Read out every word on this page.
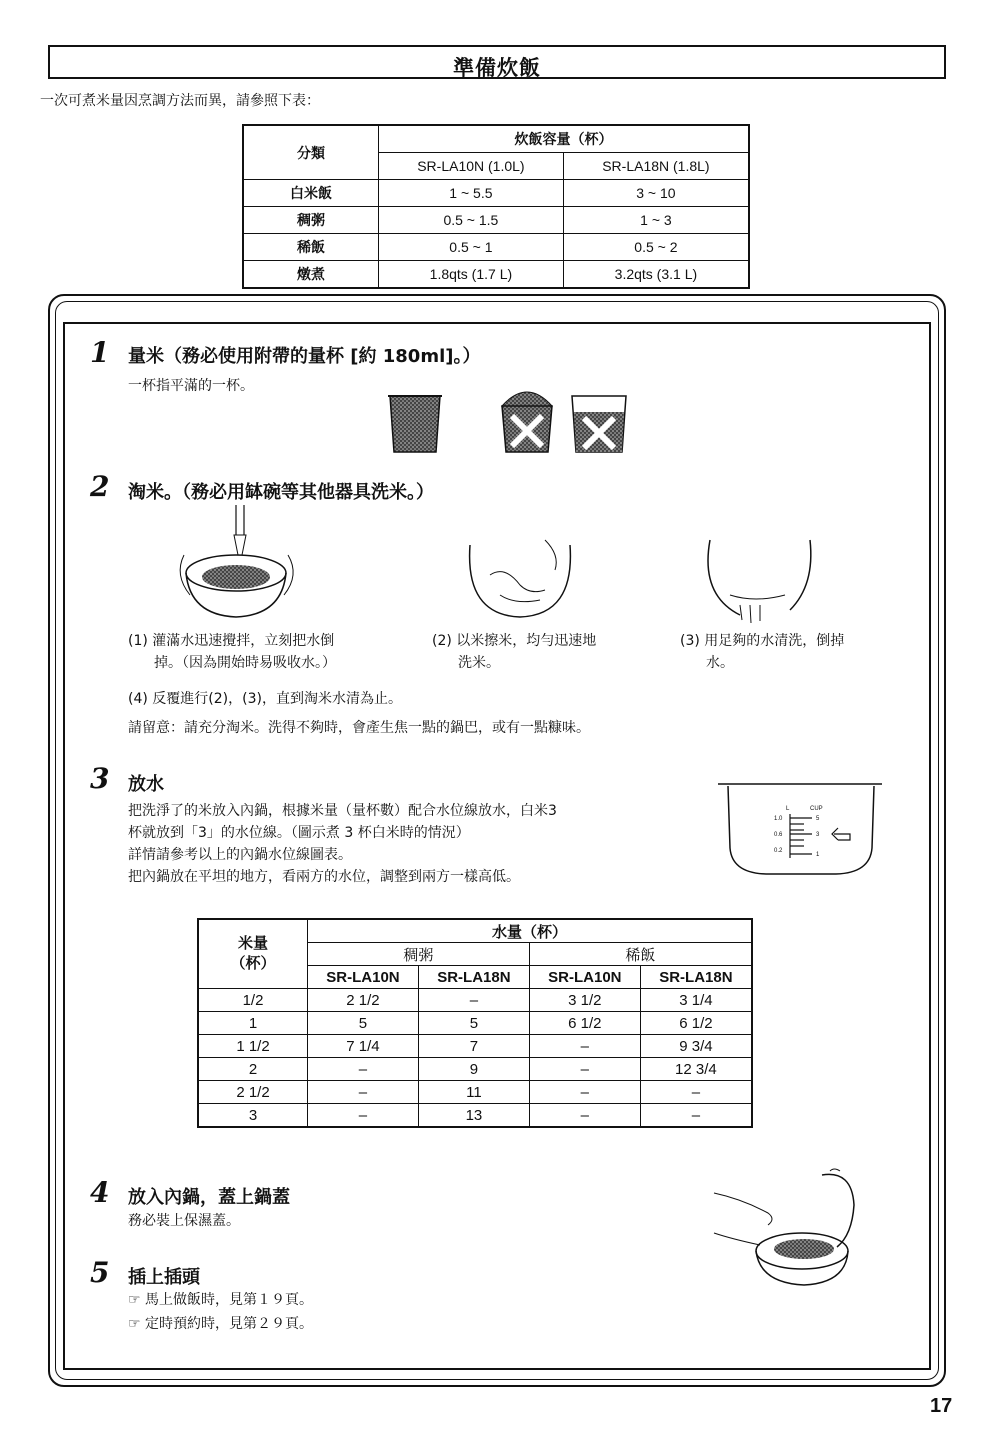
準備炊飯
一次可煮米量因烹調方法而異，請參照下表：
分類	炊飯容量（杯）	
	SR-LA10N (1.0L)	SR-LA18N (1.8L)
白米飯	1 ~ 5.5	3 ~ 10
稠粥	0.5 ~ 1.5	1 ~ 3
稀飯	0.5 ~ 1	0.5 ~ 2
燉煮	1.8qts (1.7 L)	3.2qts (3.1 L)
1 量米（務必使用附帶的量杯 [約 180ml]。）
一杯指平滿的一杯。
2 淘米。（務必用缽碗等其他器具洗米。）

(1) 灌滿水迅速攪拌，立刻把水倒

掉。（因為開始時易吸收水。）

(2) 以米擦米，均勻迅速地

洗米。

(3) 用足夠的水清洗，倒掉

水。

(4) 反覆進行(2)，(3)，直到淘米水清為止。
請留意：請充分淘米。洗得不夠時，會產生焦一點的鍋巴，或有一點糠味。
3 放水

把洗淨了的米放入內鍋，根據米量（量杯數）配合水位線放水，白米3

杯就放到「3」的水位線。（圖示煮 3 杯白米時的情況）

詳情請參考以上的內鍋水位線圖表。

把內鍋放在平坦的地方，看兩方的水位，調整到兩方一樣高低。

L	CUP
1.0
0.6
0.2
5
3
1
米量
（杯）	水量（杯）			
	稠粥		稀飯	
	SR-LA10N	SR-LA18N	SR-LA10N	SR-LA18N
1/2	2 1/2	–	3 1/2	3 1/4
1	5	5	6 1/2	6 1/2
1 1/2	7 1/4	7	–	9 3/4
2	–	9	–	12 3/4
2 1/2	–	11	–	–
3	–	13	–	–
4 放入內鍋，蓋上鍋蓋
務必裝上保濕蓋。
5 插上插頭
☞ 馬上做飯時，見第１９頁。
☞ 定時預約時，見第２９頁。
17
